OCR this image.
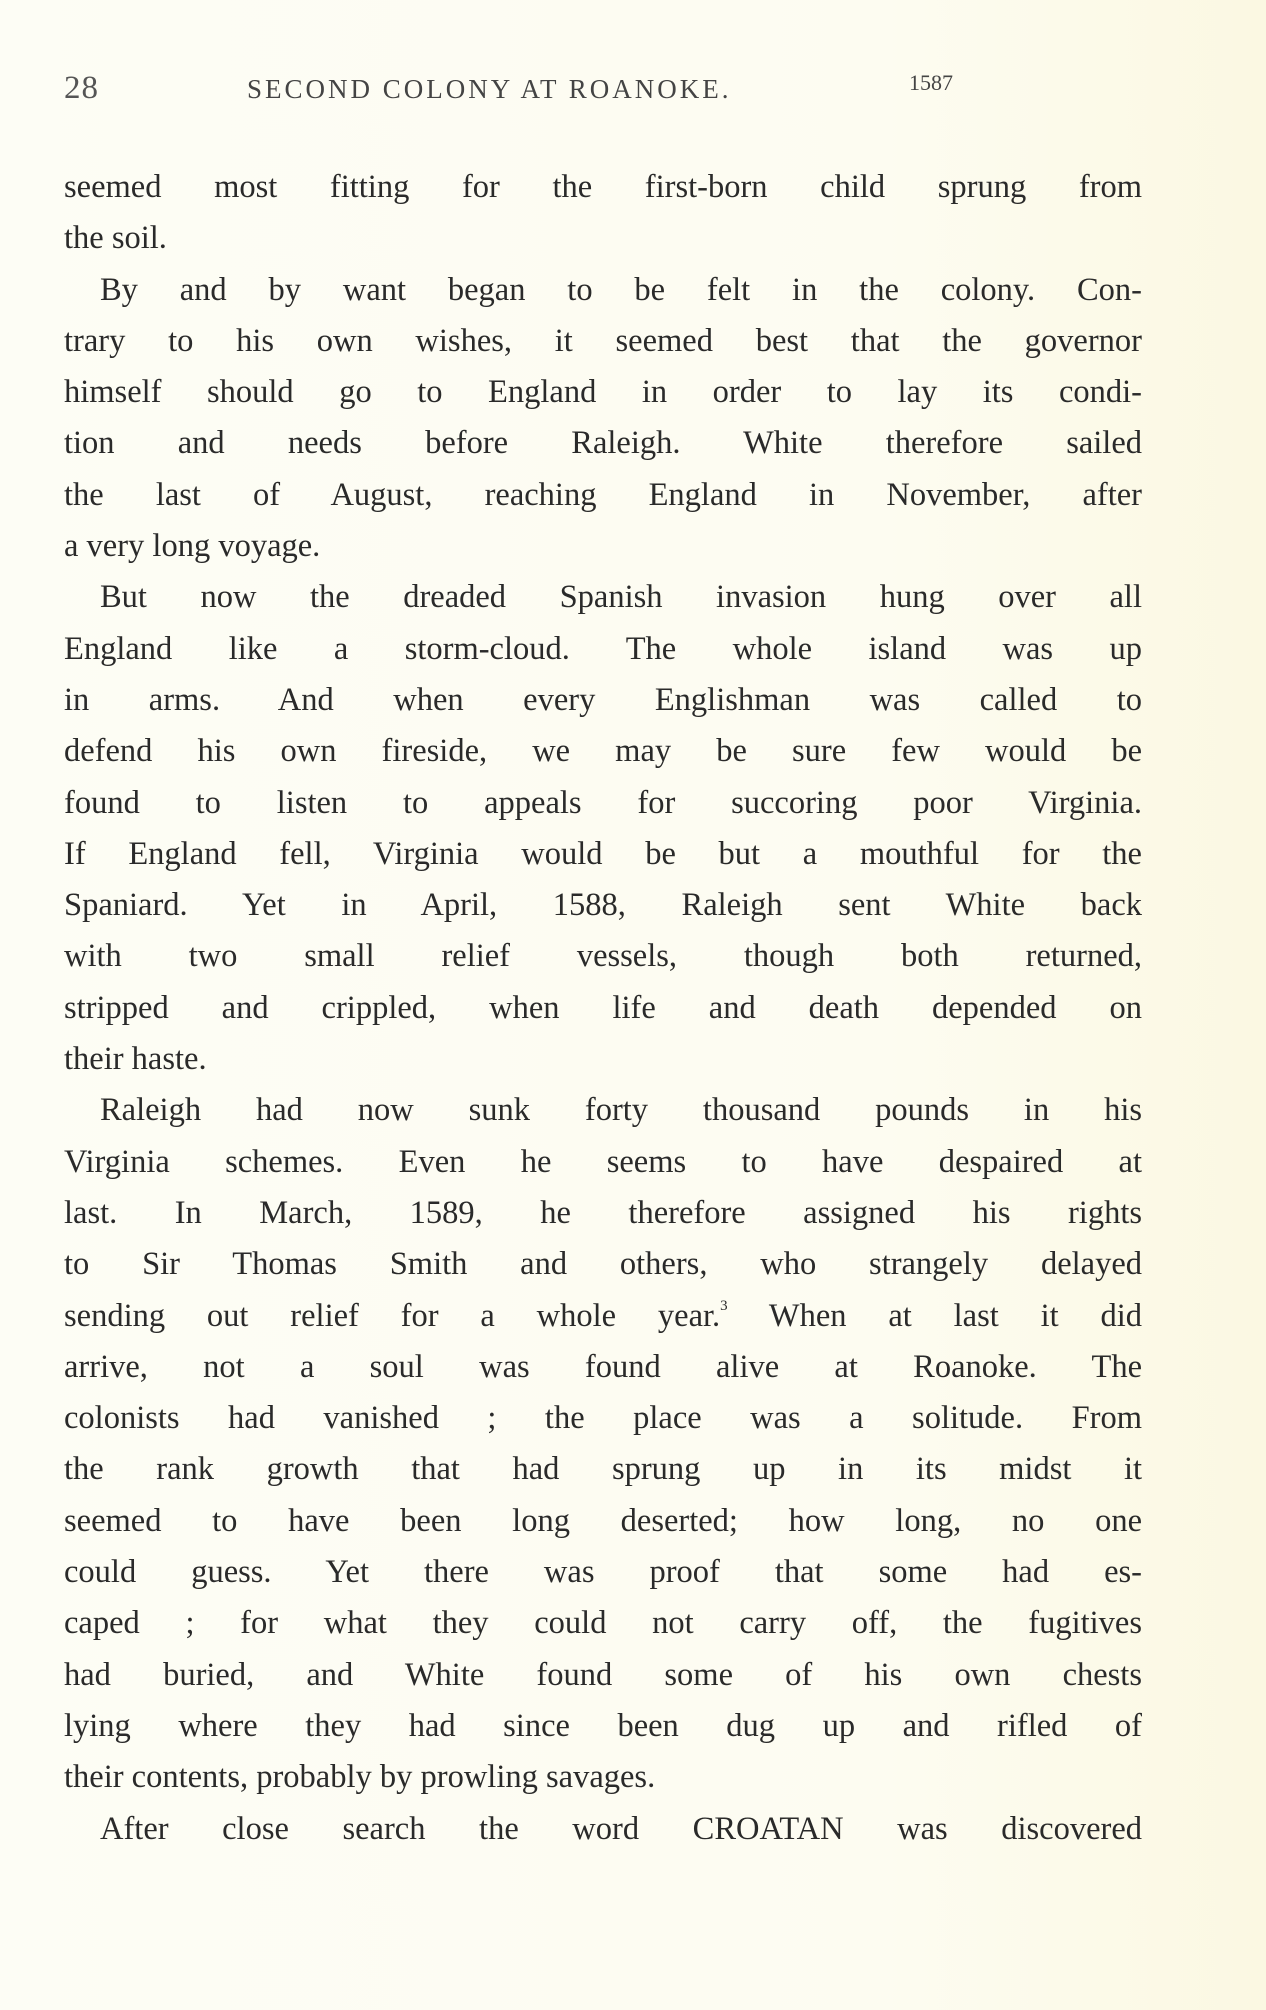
28	SECOND COLONY AT ROANOKE.	1587
seemed most fitting for the first-born child sprung from
the soil.
By and by want began to be felt in the colony. Con-
trary to his own wishes, it seemed best that the governor
himself should go to England in order to lay its condi-
tion and needs before Raleigh. White therefore sailed
the last of August, reaching England in November, after
a very long voyage.
But now the dreaded Spanish invasion hung over all
England like a storm-cloud. The whole island was up
in arms. And when every Englishman was called to
defend his own fireside, we may be sure few would be
found to listen to appeals for succoring poor Virginia.
If England fell, Virginia would be but a mouthful for the
Spaniard. Yet in April, 1588, Raleigh sent White back
with two small relief vessels, though both returned,
stripped and crippled, when life and death depended on
their haste.
Raleigh had now sunk forty thousand pounds in his
Virginia schemes. Even he seems to have despaired at
last. In March, 1589, he therefore assigned his rights
to Sir Thomas Smith and others, who strangely delayed
sending out relief for a whole year.$^3$ When at last it did
arrive, not a soul was found alive at Roanoke. The
colonists had vanished ; the place was a solitude. From
the rank growth that had sprung up in its midst it
seemed to have been long deserted; how long, no one
could guess. Yet there was proof that some had es-
caped ; for what they could not carry off, the fugitives
had buried, and White found some of his own chests
lying where they had since been dug up and rifled of
their contents, probably by prowling savages.
After close search the word CROATAN was discovered
